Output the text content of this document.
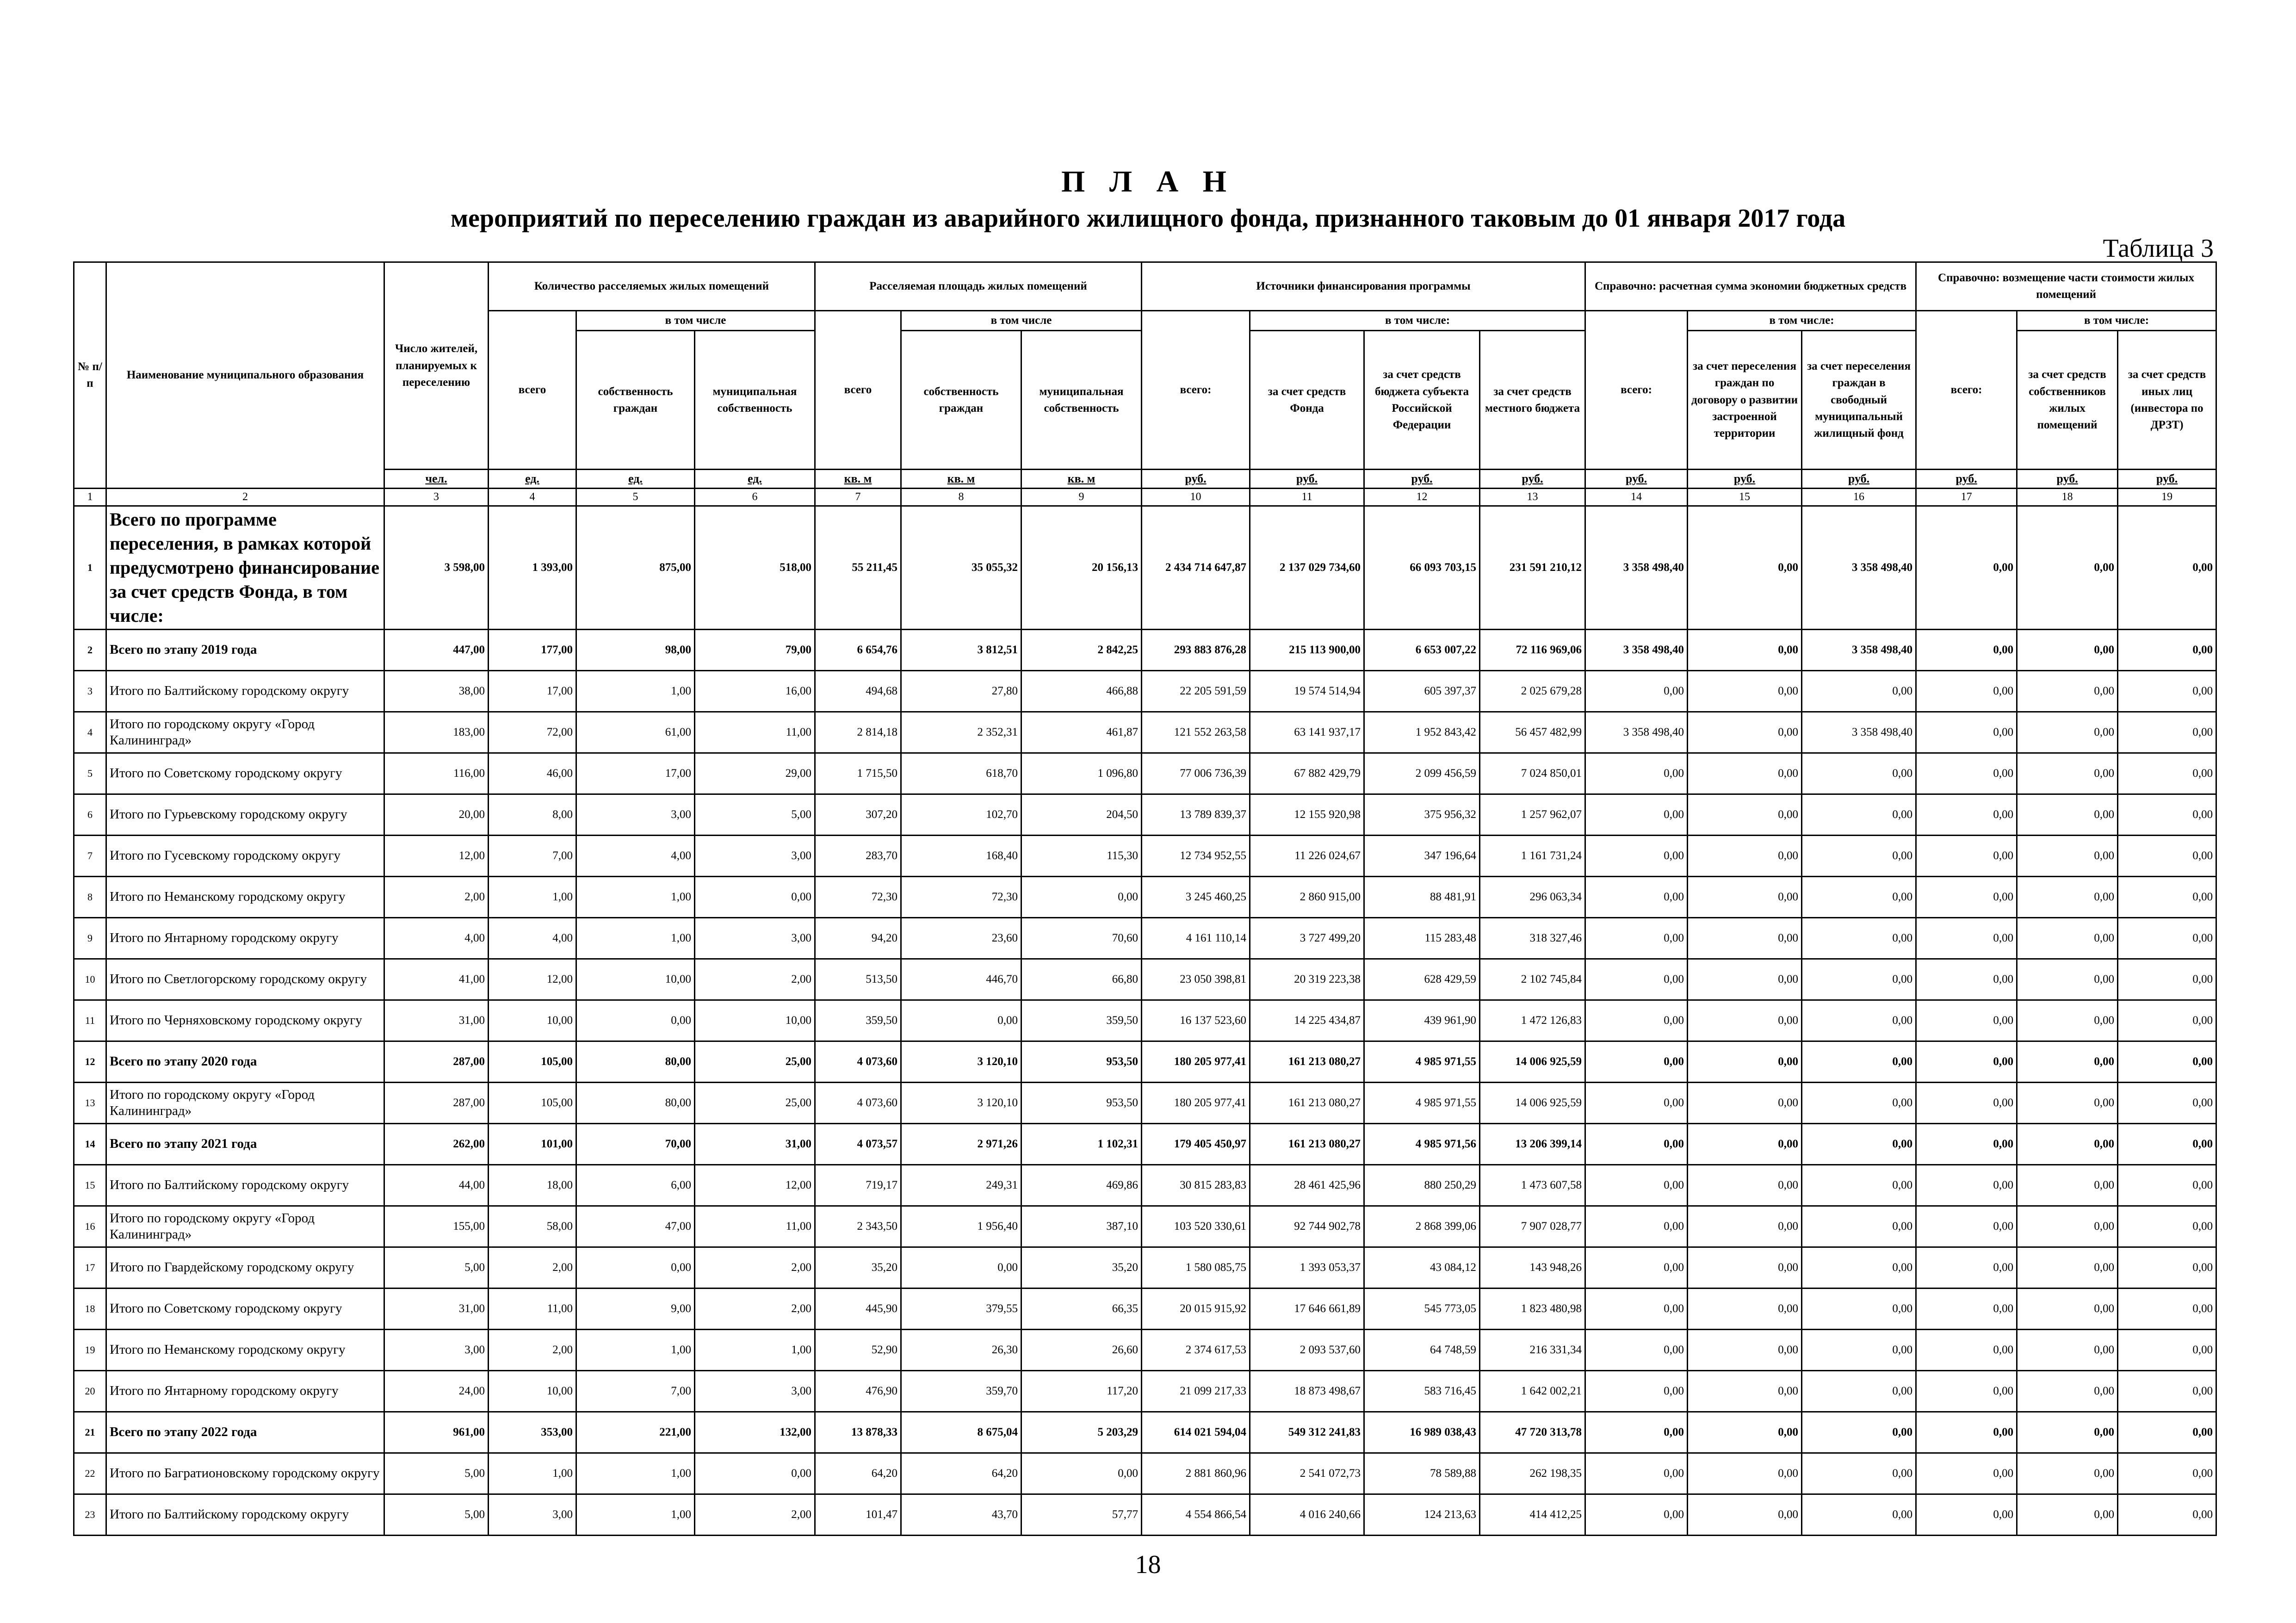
П Л А Н
мероприятий по переселению граждан из аварийного жилищного фонда, признанного таковым до 01 января 2017 года
Таблица 3
№ п/п	Наименование муниципального образования	Число жителей, планируемых к переселению	Количество расселяемых жилых помещений			Расселяемая площадь жилых помещений			Источники финансирования программы				Справочно: расчетная сумма экономии бюджетных средств			Справочно: возмещение части стоимости жилых помещений		
			всего	в том числе		всего	в том числе		всего:	в том числе:			всего:	в том числе:		всего:	в том числе:	
				собственность граждан	муниципальная собственность		собственность граждан	муниципальная собственность		за счет средств Фонда	за счет средств бюджета субъекта Российской Федерации	за счет средств местного бюджета		за счет переселения граждан по договору о развитии застроенной территории	за счет переселения граждан в свободный муниципальный жилищный фонд		за счет средств собственников жилых помещений	за счет средств иных лиц (инвестора по ДРЗТ)
		чел.	ед.	ед.	ед.	кв. м	кв. м	кв. м	руб.	руб.	руб.	руб.	руб.	руб.	руб.	руб.	руб.	руб.
1	2	3	4	5	6	7	8	9	10	11	12	13	14	15	16	17	18	19
1	Всего по программе переселения, в рамках которой предусмотрено финансирование за счет средств Фонда, в том числе:	3 598,00	1 393,00	875,00	518,00	55 211,45	35 055,32	20 156,13	2 434 714 647,87	2 137 029 734,60	66 093 703,15	231 591 210,12	3 358 498,40	0,00	3 358 498,40	0,00	0,00	0,00
2	Всего по этапу 2019 года	447,00	177,00	98,00	79,00	6 654,76	3 812,51	2 842,25	293 883 876,28	215 113 900,00	6 653 007,22	72 116 969,06	3 358 498,40	0,00	3 358 498,40	0,00	0,00	0,00
3	Итого по Балтийскому городскому округу	38,00	17,00	1,00	16,00	494,68	27,80	466,88	22 205 591,59	19 574 514,94	605 397,37	2 025 679,28	0,00	0,00	0,00	0,00	0,00	0,00
4	Итого по городскому округу «Город Калининград»	183,00	72,00	61,00	11,00	2 814,18	2 352,31	461,87	121 552 263,58	63 141 937,17	1 952 843,42	56 457 482,99	3 358 498,40	0,00	3 358 498,40	0,00	0,00	0,00
5	Итого по Советскому городскому округу	116,00	46,00	17,00	29,00	1 715,50	618,70	1 096,80	77 006 736,39	67 882 429,79	2 099 456,59	7 024 850,01	0,00	0,00	0,00	0,00	0,00	0,00
6	Итого по Гурьевскому городскому округу	20,00	8,00	3,00	5,00	307,20	102,70	204,50	13 789 839,37	12 155 920,98	375 956,32	1 257 962,07	0,00	0,00	0,00	0,00	0,00	0,00
7	Итого по Гусевскому городскому округу	12,00	7,00	4,00	3,00	283,70	168,40	115,30	12 734 952,55	11 226 024,67	347 196,64	1 161 731,24	0,00	0,00	0,00	0,00	0,00	0,00
8	Итого по Неманскому городскому округу	2,00	1,00	1,00	0,00	72,30	72,30	0,00	3 245 460,25	2 860 915,00	88 481,91	296 063,34	0,00	0,00	0,00	0,00	0,00	0,00
9	Итого по Янтарному городскому округу	4,00	4,00	1,00	3,00	94,20	23,60	70,60	4 161 110,14	3 727 499,20	115 283,48	318 327,46	0,00	0,00	0,00	0,00	0,00	0,00
10	Итого по Светлогорскому городскому округу	41,00	12,00	10,00	2,00	513,50	446,70	66,80	23 050 398,81	20 319 223,38	628 429,59	2 102 745,84	0,00	0,00	0,00	0,00	0,00	0,00
11	Итого по Черняховскому городскому округу	31,00	10,00	0,00	10,00	359,50	0,00	359,50	16 137 523,60	14 225 434,87	439 961,90	1 472 126,83	0,00	0,00	0,00	0,00	0,00	0,00
12	Всего по этапу 2020 года	287,00	105,00	80,00	25,00	4 073,60	3 120,10	953,50	180 205 977,41	161 213 080,27	4 985 971,55	14 006 925,59	0,00	0,00	0,00	0,00	0,00	0,00
13	Итого по городскому округу «Город Калининград»	287,00	105,00	80,00	25,00	4 073,60	3 120,10	953,50	180 205 977,41	161 213 080,27	4 985 971,55	14 006 925,59	0,00	0,00	0,00	0,00	0,00	0,00
14	Всего по этапу 2021 года	262,00	101,00	70,00	31,00	4 073,57	2 971,26	1 102,31	179 405 450,97	161 213 080,27	4 985 971,56	13 206 399,14	0,00	0,00	0,00	0,00	0,00	0,00
15	Итого по Балтийскому городскому округу	44,00	18,00	6,00	12,00	719,17	249,31	469,86	30 815 283,83	28 461 425,96	880 250,29	1 473 607,58	0,00	0,00	0,00	0,00	0,00	0,00
16	Итого по городскому округу «Город Калининград»	155,00	58,00	47,00	11,00	2 343,50	1 956,40	387,10	103 520 330,61	92 744 902,78	2 868 399,06	7 907 028,77	0,00	0,00	0,00	0,00	0,00	0,00
17	Итого по Гвардейскому городскому округу	5,00	2,00	0,00	2,00	35,20	0,00	35,20	1 580 085,75	1 393 053,37	43 084,12	143 948,26	0,00	0,00	0,00	0,00	0,00	0,00
18	Итого по Советскому городскому округу	31,00	11,00	9,00	2,00	445,90	379,55	66,35	20 015 915,92	17 646 661,89	545 773,05	1 823 480,98	0,00	0,00	0,00	0,00	0,00	0,00
19	Итого по Неманскому городскому округу	3,00	2,00	1,00	1,00	52,90	26,30	26,60	2 374 617,53	2 093 537,60	64 748,59	216 331,34	0,00	0,00	0,00	0,00	0,00	0,00
20	Итого по Янтарному городскому округу	24,00	10,00	7,00	3,00	476,90	359,70	117,20	21 099 217,33	18 873 498,67	583 716,45	1 642 002,21	0,00	0,00	0,00	0,00	0,00	0,00
21	Всего по этапу 2022 года	961,00	353,00	221,00	132,00	13 878,33	8 675,04	5 203,29	614 021 594,04	549 312 241,83	16 989 038,43	47 720 313,78	0,00	0,00	0,00	0,00	0,00	0,00
22	Итого по Багратионовскому городскому округу	5,00	1,00	1,00	0,00	64,20	64,20	0,00	2 881 860,96	2 541 072,73	78 589,88	262 198,35	0,00	0,00	0,00	0,00	0,00	0,00
23	Итого по Балтийскому городскому округу	5,00	3,00	1,00	2,00	101,47	43,70	57,77	4 554 866,54	4 016 240,66	124 213,63	414 412,25	0,00	0,00	0,00	0,00	0,00	0,00
18
